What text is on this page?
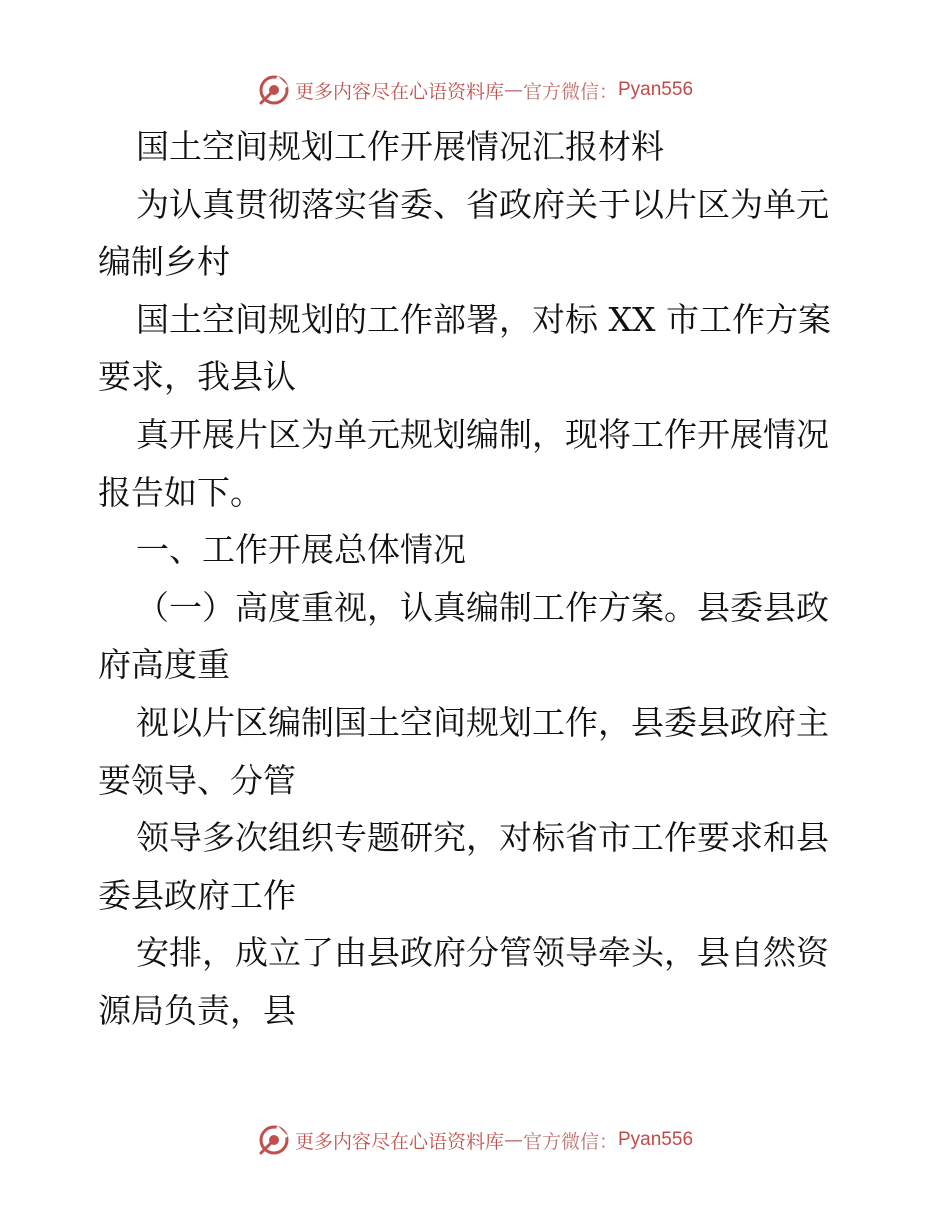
更多内容尽在心语资料库 — 官方微信： Pyan556
国土空间规划工作开展情况汇报材料
为认真贯彻落实省委、省政府关于以片区为单元
编制乡村
国土空间规划的工作部署，对标 XX 市工作方案
要求，我县认
真开展片区为单元规划编制，现将工作开展情况
报告如下。
一、工作开展总体情况
（一）高度重视，认真编制工作方案。县委县政
府高度重
视以片区编制国土空间规划工作，县委县政府主
要领导、分管
领导多次组织专题研究，对标省市工作要求和县
委县政府工作
安排，成立了由县政府分管领导牵头，县自然资
源局负责，县
更多内容尽在心语资料库 — 官方微信： Pyan556
